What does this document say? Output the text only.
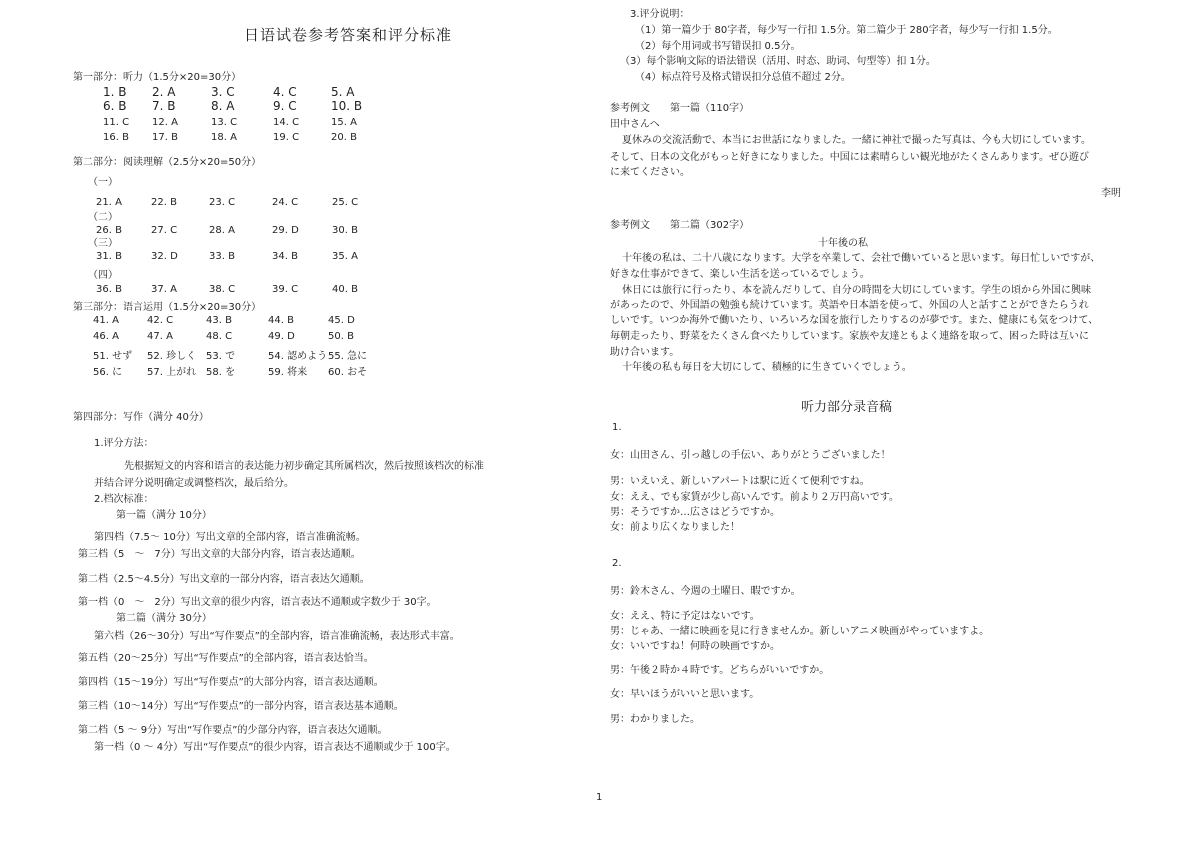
日语试卷参考答案和评分标准
第一部分：听力（1.5分×20=30分）
1. B 2. A	3. C	4. C	5. A
6. B 7. B	8. A	9. C	10. B
11. C 12. A	13. C	14. C	15. A
16. B 17. B	18. A	19. C	20. B
第二部分：阅读理解（2.5分×20=50分）
（一）
21. A	22. B	23. C	24. C	25. C
（二）
26. B	27. C	28. A	29. D	30. B
（三）
31. B	32. D	33. B	34. B	35. A
（四）
36. B	37. A	38. C	39. C	40. B
第三部分：语言运用（1.5分×20=30分）
41. A	42. C	43. B	44. B	45. D
46. A	47. A	48. C	49. D	50. B
51. せず 52. 珍しく 53. で	54. 認めよう 55. 急に
56. に 57. 上がれ 58. を	59. 将来 60. おそ
第四部分：写作（满分 40分）
1.评分方法：
先根据短文的内容和语言的表达能力初步确定其所属档次，然后按照该档次的标准
并结合评分说明确定或调整档次，最后给分。
2.档次标准：
第一篇（满分 10分）
第四档（7.5～ 10分）写出文章的全部内容，语言准确流畅。
第三档（5　～　7分）写出文章的大部分内容，语言表达通顺。
第二档（2.5～4.5分）写出文章的一部分内容，语言表达欠通顺。
第一档（0　～　2分）写出文章的很少内容，语言表达不通顺或字数少于 30字。
第二篇（满分 30分）
第六档（26～30分）写出“写作要点”的全部内容，语言准确流畅，表达形式丰富。
第五档（20～25分）写出“写作要点”的全部内容，语言表达恰当。
第四档（15～19分）写出“写作要点”的大部分内容，语言表达通顺。
第三档（10～14分）写出“写作要点”的一部分内容，语言表达基本通顺。
第二档（5 ～ 9分）写出“写作要点”的少部分内容，语言表达欠通顺。
第一档（0 ～ 4分）写出“写作要点”的很少内容，语言表达不通顺或少于 100字。
3.评分说明：
（1）第一篇少于 80字者，每少写一行扣 1.5分。第二篇少于 280字者，每少写一行扣 1.5分。
（2）每个用词或书写错误扣 0.5分。
（3）每个影响文际的语法错误（活用、时态、助词、句型等）扣 1分。
（4）标点符号及格式错误扣分总值不超过 2分。
参考例文　　第一篇（110字）
田中さんへ
夏休みの交流活動で、本当にお世話になりました。一緒に神社で撮った写真は、今も大切にしています。
そして、日本の文化がもっと好きになりました。中国には素晴らしい観光地がたくさんあります。ぜひ遊び
に来てください。
李明
参考例文　　第二篇（302字）
十年後の私
十年後の私は、二十八歳になります。大学を卒業して、会社で働いていると思います。毎日忙しいですが、
好きな仕事ができて、楽しい生活を送っているでしょう。
休日には旅行に行ったり、本を読んだりして、自分の時間を大切にしています。学生の頃から外国に興味
があったので、外国語の勉強も続けています。英語や日本語を使って、外国の人と話すことができたらうれ
しいです。いつか海外で働いたり、いろいろな国を旅行したりするのが夢です。また、健康にも気をつけて、
毎朝走ったり、野菜をたくさん食べたりしています。家族や友達ともよく連絡を取って、困った時は互いに
助け合います。
十年後の私も毎日を大切にして、積極的に生きていくでしょう。
听力部分录音稿
1.
女：山田さん、引っ越しの手伝い、ありがとうございました！
男：いえいえ、新しいアパートは駅に近くて便利ですね。
女：ええ、でも家賃が少し高いんです。前より２万円高いです。
男：そうですか…広さはどうですか。
女：前より広くなりました！
2.
男：鈴木さん、今週の土曜日、暇ですか。
女：ええ、特に予定はないです。
男：じゃあ、一緒に映画を見に行きませんか。新しいアニメ映画がやっていますよ。
女：いいですね！何時の映画ですか。
男：午後２時か４時です。どちらがいいですか。
女：早いほうがいいと思います。
男：わかりました。
1
